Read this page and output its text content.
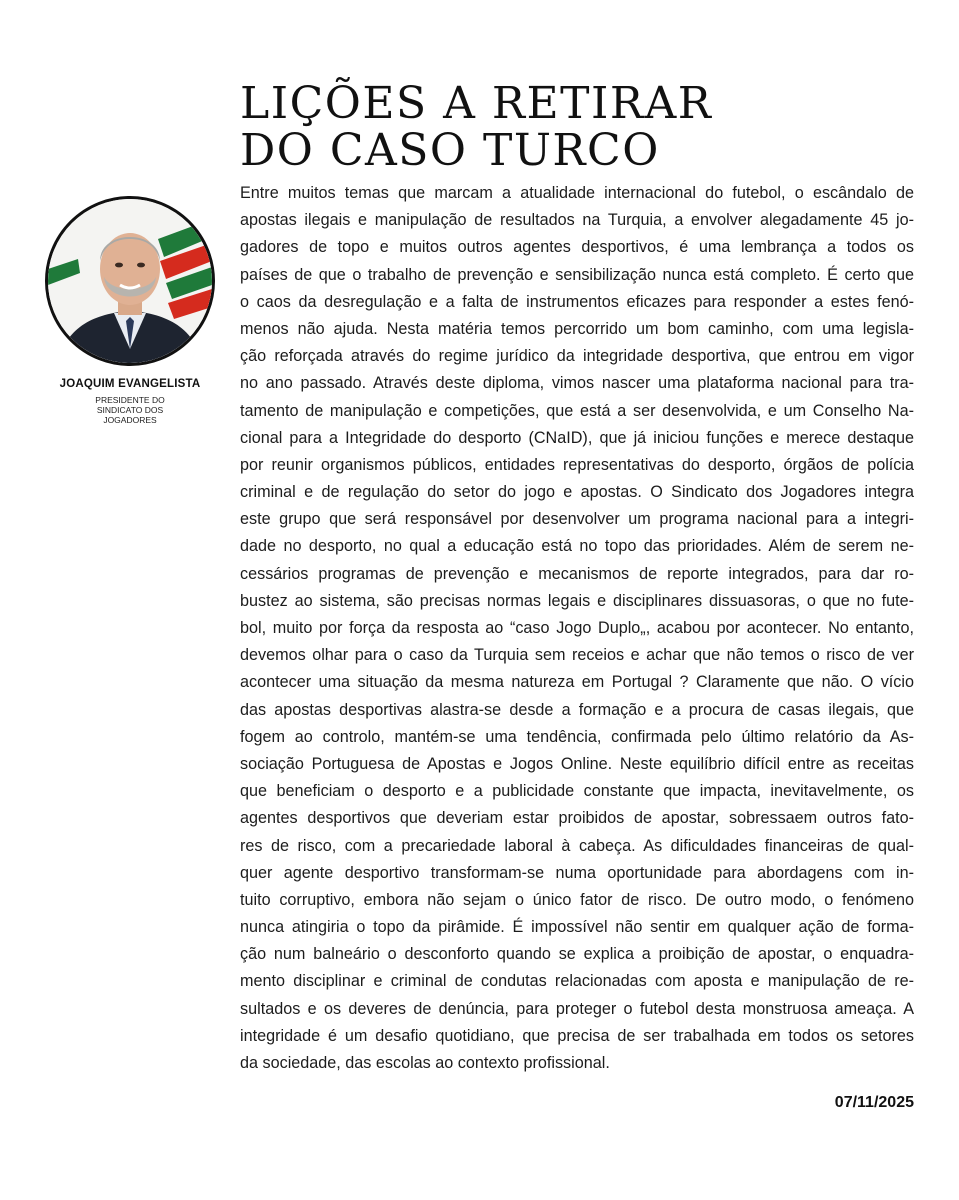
JOAQUIM EVANGELISTA
PRESIDENTE DO SINDICATO DOS JOGADORES
LIÇÕES A RETIRAR
DO CASO TURCO
Entre muitos temas que marcam a atualidade internacional do futebol, o escândalo de
apostas ilegais e manipulação de resultados na Turquia, a envolver alegadamente 45 jo-
gadores de topo e muitos outros agentes desportivos, é uma lembrança a todos os
países de que o trabalho de prevenção e sensibilização nunca está completo. É certo que
o caos da desregulação e a falta de instrumentos eficazes para responder a estes fenó-
menos não ajuda. Nesta matéria temos percorrido um bom caminho, com uma legisla-
ção reforçada através do regime jurídico da integridade desportiva, que entrou em vigor
no ano passado. Através deste diploma, vimos nascer uma plataforma nacional para tra-
tamento de manipulação e competições, que está a ser desenvolvida, e um Conselho Na-
cional para a Integridade do desporto (CNaID), que já iniciou funções e merece destaque
por reunir organismos públicos, entidades representativas do desporto, órgãos de polícia
criminal e de regulação do setor do jogo e apostas. O Sindicato dos Jogadores integra
este grupo que será responsável por desenvolver um programa nacional para a integri-
dade no desporto, no qual a educação está no topo das prioridades. Além de serem ne-
cessários programas de prevenção e mecanismos de reporte integrados, para dar ro-
bustez ao sistema, são precisas normas legais e disciplinares dissuasoras, o que no fute-
bol, muito por força da resposta ao “caso Jogo Duplo„, acabou por acontecer. No entanto,
devemos olhar para o caso da Turquia sem receios e achar que não temos o risco de ver
acontecer uma situação da mesma natureza em Portugal ? Claramente que não. O vício
das apostas desportivas alastra-se desde a formação e a procura de casas ilegais, que
fogem ao controlo, mantém-se uma tendência, confirmada pelo último relatório da As-
sociação Portuguesa de Apostas e Jogos Online. Neste equilíbrio difícil entre as receitas
que beneficiam o desporto e a publicidade constante que impacta, inevitavelmente, os
agentes desportivos que deveriam estar proibidos de apostar, sobressaem outros fato-
res de risco, com a precariedade laboral à cabeça. As dificuldades financeiras de qual-
quer agente desportivo transformam-se numa oportunidade para abordagens com in-
tuito corruptivo, embora não sejam o único fator de risco. De outro modo, o fenómeno
nunca atingiria o topo da pirâmide. É impossível não sentir em qualquer ação de forma-
ção num balneário o desconforto quando se explica a proibição de apostar, o enquadra-
mento disciplinar e criminal de condutas relacionadas com aposta e manipulação de re-
sultados e os deveres de denúncia, para proteger o futebol desta monstruosa ameaça. A
integridade é um desafio quotidiano, que precisa de ser trabalhada em todos os setores
da sociedade, das escolas ao contexto profissional.
07/11/2025
